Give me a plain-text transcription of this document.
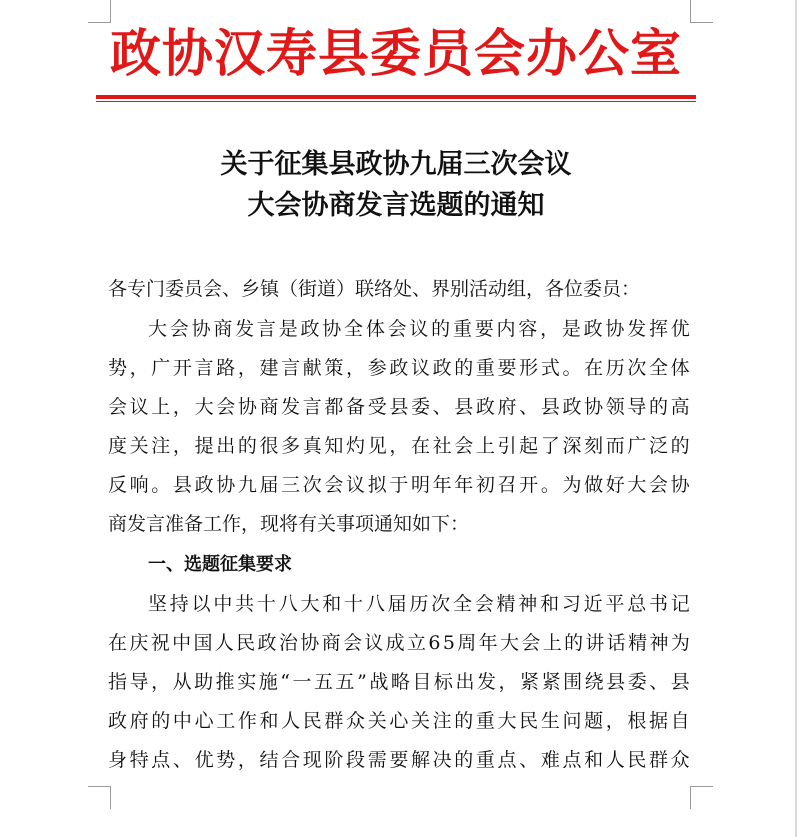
政协汉寿县委员会办公室
关于征集县政协九届三次会议
大会协商发言选题的通知
各专门委员会、乡镇（街道）联络处、界别活动组，各位委员：
大 会 协 商 发 言 是 政 协 全 体 会 议 的 重 要 内 容 ， 是 政 协 发 挥 优
势 ， 广 开 言 路 ， 建 言 献 策 ， 参 政 议 政 的 重 要 形 式 。 在 历 次 全 体
会 议 上 ， 大 会 协 商 发 言 都 备 受 县 委 、 县 政 府 、 县 政 协 领 导 的 高
度 关 注 ， 提 出 的 很 多 真 知 灼 见 ， 在 社 会 上 引 起 了 深 刻 而 广 泛 的
反 响 。 县 政 协 九 届 三 次 会 议 拟 于 明 年 年 初 召 开 。 为 做 好 大 会 协
商发言准备工作，现将有关事项通知如下：
一、选题征集要求
坚 持 以 中 共 十 八 大 和 十 八 届 历 次 全 会 精 神 和 习 近 平 总 书 记
在 庆 祝 中 国 人 民 政 治 协 商 会 议 成 立 6 5 周 年 大 会 上 的 讲 话 精 神 为
指 导 ， 从 助 推 实 施 “ 一 五 五 ” 战 略 目 标 出 发 ， 紧 紧 围 绕 县 委 、 县
政 府 的 中 心 工 作 和 人 民 群 众 关 心 关 注 的 重 大 民 生 问 题 ， 根 据 自
身 特 点 、 优 势 ， 结 合 现 阶 段 需 要 解 决 的 重 点 、 难 点 和 人 民 群 众
